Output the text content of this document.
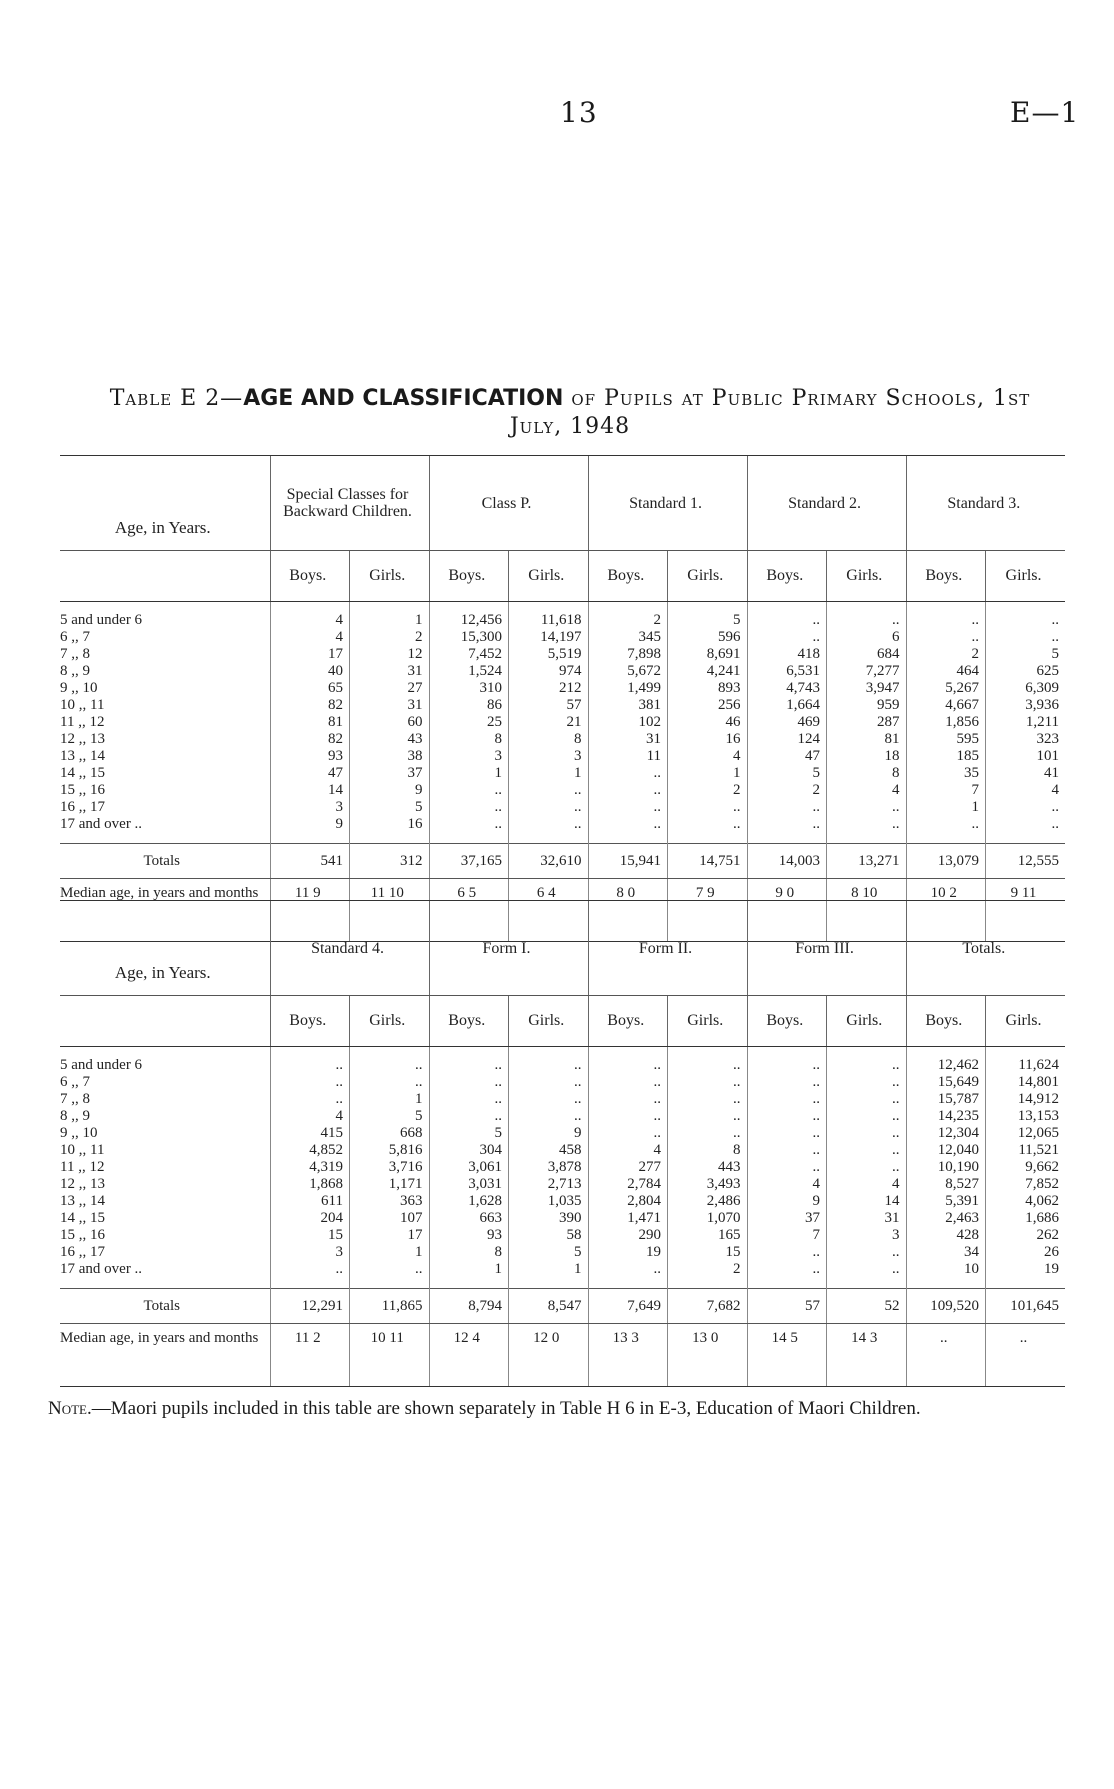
13	E—1
Table E 2—AGE AND CLASSIFICATION of Pupils at Public Primary Schools, 1st July, 1948
Age, in Years.	Special Classes for Backward Children.		Class P.		Standard 1.		Standard 2.		Standard 3.	
	Boys.	Girls.	Boys.	Girls.	Boys.	Girls.	Boys.	Girls.	Boys.	Girls.
5 and under 6	4	1	12,456	11,618	2	5	..	..	..	..
6 ,, 7	4	2	15,300	14,197	345	596	..	6	..	..
7 ,, 8	17	12	7,452	5,519	7,898	8,691	418	684	2	5
8 ,, 9	40	31	1,524	974	5,672	4,241	6,531	7,277	464	625
9 ,, 10	65	27	310	212	1,499	893	4,743	3,947	5,267	6,309
10 ,, 11	82	31	86	57	381	256	1,664	959	4,667	3,936
11 ,, 12	81	60	25	21	102	46	469	287	1,856	1,211
12 ,, 13	82	43	8	8	31	16	124	81	595	323
13 ,, 14	93	38	3	3	11	4	47	18	185	101
14 ,, 15	47	37	1	1	..	1	5	8	35	41
15 ,, 16	14	9	..	..	..	2	2	4	7	4
16 ,, 17	3	5	..	..	..	..	..	..	1	..
17 and over ..	9	16	..	..	..	..	..	..	..	..
Totals	541	312	37,165	32,610	15,941	14,751	14,003	13,271	13,079	12,555
Median age, in years and months	11 9	11 10	6 5	6 4	8 0	7 9	9 0	8 10	10 2	9 11
Age, in Years.	Standard 4.		Form I.		Form II.		Form III.		Totals.	
	Boys.	Girls.	Boys.	Girls.	Boys.	Girls.	Boys.	Girls.	Boys.	Girls.
5 and under 6	..	..	..	..	..	..	..	..	12,462	11,624
6 ,, 7	..	..	..	..	..	..	..	..	15,649	14,801
7 ,, 8	..	1	..	..	..	..	..	..	15,787	14,912
8 ,, 9	4	5	..	..	..	..	..	..	14,235	13,153
9 ,, 10	415	668	5	9	..	..	..	..	12,304	12,065
10 ,, 11	4,852	5,816	304	458	4	8	..	..	12,040	11,521
11 ,, 12	4,319	3,716	3,061	3,878	277	443	..	..	10,190	9,662
12 ,, 13	1,868	1,171	3,031	2,713	2,784	3,493	4	4	8,527	7,852
13 ,, 14	611	363	1,628	1,035	2,804	2,486	9	14	5,391	4,062
14 ,, 15	204	107	663	390	1,471	1,070	37	31	2,463	1,686
15 ,, 16	15	17	93	58	290	165	7	3	428	262
16 ,, 17	3	1	8	5	19	15	..	..	34	26
17 and over ..	..	..	1	1	..	2	..	..	10	19
Totals	12,291	11,865	8,794	8,547	7,649	7,682	57	52	109,520	101,645
Median age, in years and months	11 2	10 11	12 4	12 0	13 3	13 0	14 5	14 3	..	..
Note.—Maori pupils included in this table are shown separately in Table H 6 in E-3, Education of Maori Children.
